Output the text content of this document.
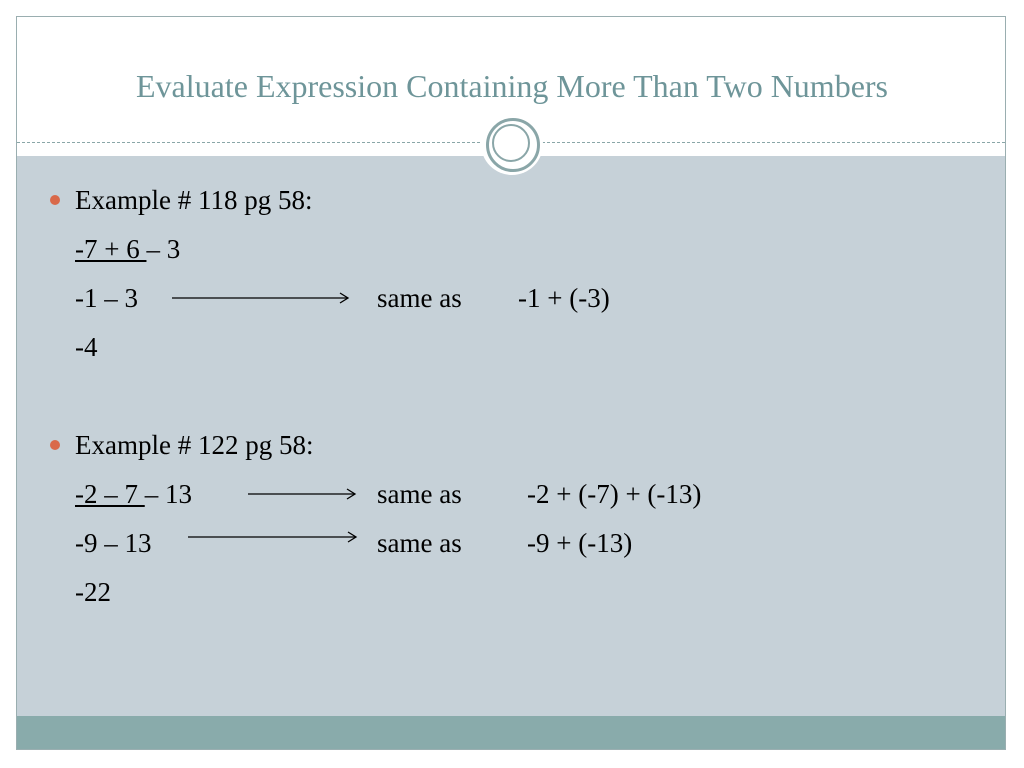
Evaluate Expression Containing More Than Two Numbers
Example # 118 pg 58:
-7 + 6 – 3
-1 – 3	same as -1 + (-3)
-4
Example # 122 pg 58:
-2 – 7 – 13	same as -2 + (-7) + (-13)
-9 – 13	same as -9 + (-13)
-22
